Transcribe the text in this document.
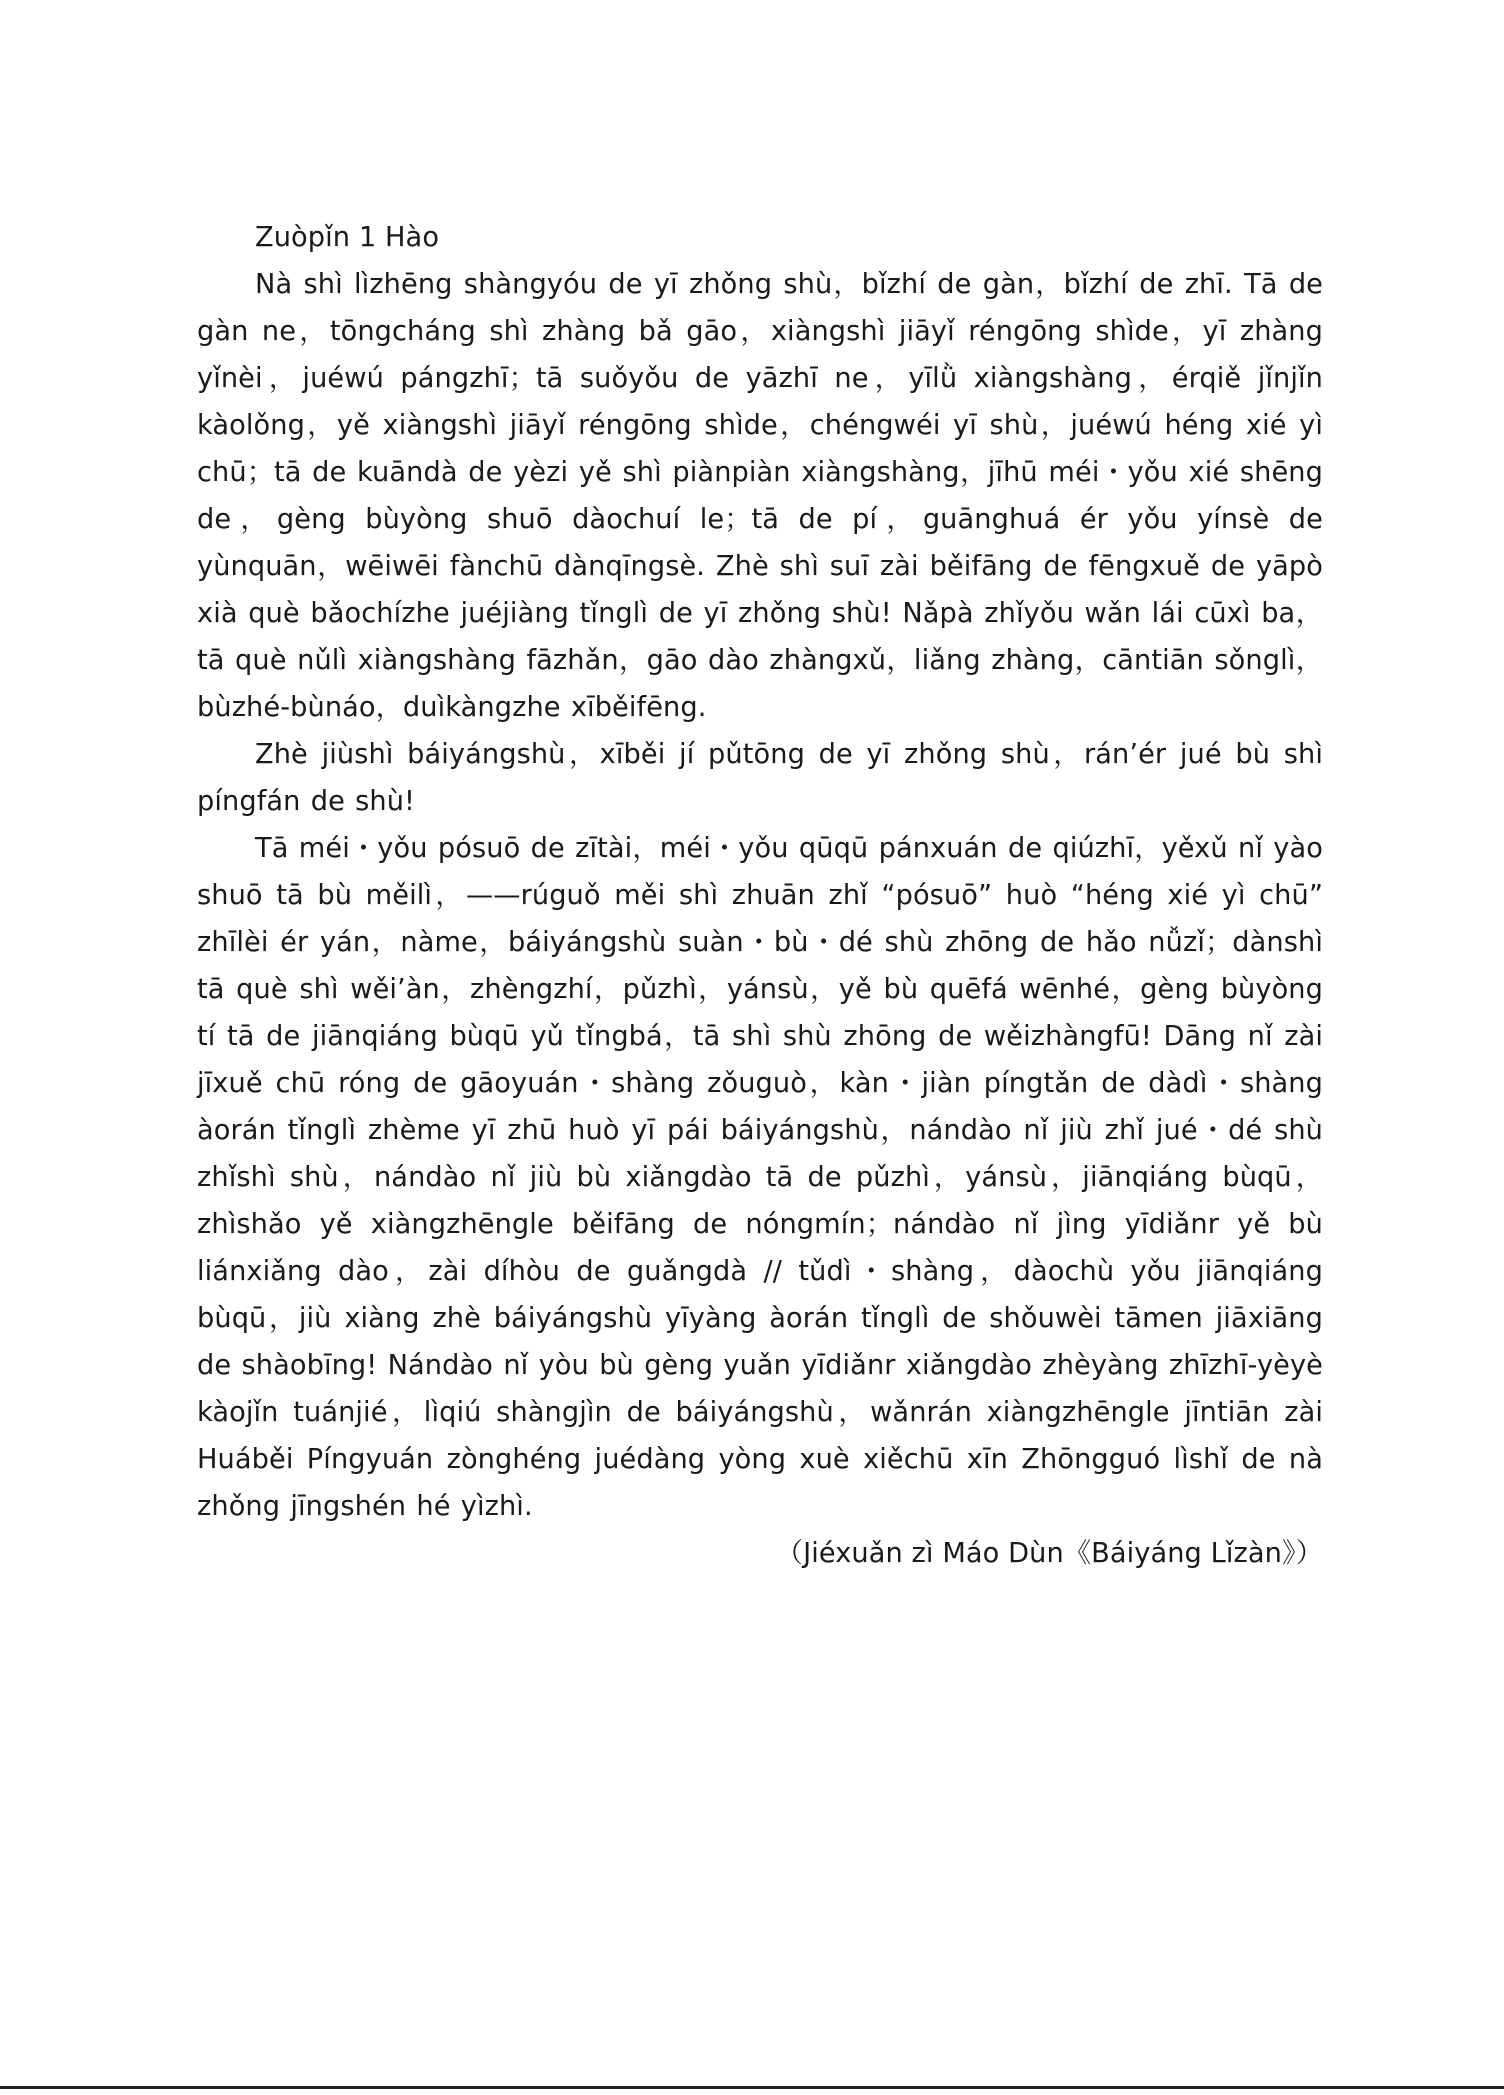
Zuòpǐn 1 Hào

Nà shì lìzhēng shàngyóu de yī zhǒng shù，bǐzhí de gàn，bǐzhí de zhī. Tā de gàn ne，tōngcháng shì zhàng bǎ gāo，xiàngshì jiāyǐ réngōng shìde，yī zhàng yǐnèi，juéwú pángzhī；tā suǒyǒu de yāzhī ne，yīlǜ xiàngshàng，érqiě jǐnjǐn kàolǒng，yě xiàngshì jiāyǐ réngōng shìde，chéngwéi yī shù，juéwú héng xié yì chū；tā de kuāndà de yèzi yě shì piànpiàn xiàngshàng，jīhū méi・yǒu xié shēng de，gèng bùyòng shuō dàochuí le；tā de pí，guānghuá ér yǒu yínsè de yùnquān，wēiwēi fànchū dànqīngsè. Zhè shì suī zài běifāng de fēngxuě de yāpò xià què bǎochízhe juéjiàng tǐnglì de yī zhǒng shù! Nǎpà zhǐyǒu wǎn lái cūxì ba，tā què nǔlì xiàngshàng fāzhǎn，gāo dào zhàngxǔ，liǎng zhàng，cāntiān sǒnglì，bùzhé-bùnáo，duìkàngzhe xīběifēng.

Zhè jiùshì báiyángshù，xīběi jí pǔtōng de yī zhǒng shù，rán’ér jué bù shì píngfán de shù!

Tā méi・yǒu pósuō de zītài，méi・yǒu qūqū pánxuán de qiúzhī，yěxǔ nǐ yào shuō tā bù měilì，——rúguǒ měi shì zhuān zhǐ “pósuō” huò “héng xié yì chū” zhīlèi ér yán，nàme，báiyángshù suàn・bù・dé shù zhōng de hǎo nǚzǐ；dànshì tā què shì wěi’àn，zhèngzhí，pǔzhì，yánsù，yě bù quēfá wēnhé，gèng bùyòng tí tā de jiānqiáng bùqū yǔ tǐngbá，tā shì shù zhōng de wěizhàngfū! Dāng nǐ zài jīxuě chū róng de gāoyuán・shàng zǒuguò，kàn・jiàn píngtǎn de dàdì・shàng àorán tǐnglì zhème yī zhū huò yī pái báiyángshù，nándào nǐ jiù zhǐ jué・dé shù zhǐshì shù，nándào nǐ jiù bù xiǎngdào tā de pǔzhì，yánsù，jiānqiáng bùqū，zhìshǎo yě xiàngzhēngle běifāng de nóngmín；nándào nǐ jìng yīdiǎnr yě bù liánxiǎng dào，zài díhòu de guǎngdà // tǔdì・shàng，dàochù yǒu jiānqiáng bùqū，jiù xiàng zhè báiyángshù yīyàng àorán tǐnglì de shǒuwèi tāmen jiāxiāng de shàobīng! Nándào nǐ yòu bù gèng yuǎn yīdiǎnr xiǎngdào zhèyàng zhīzhī-yèyè kàojǐn tuánjié，lìqiú shàngjìn de báiyángshù，wǎnrán xiàngzhēngle jīntiān zài Huáběi Píngyuán zònghéng juédàng yòng xuè xiěchū xīn Zhōngguó lìshǐ de nà zhǒng jīngshén hé yìzhì.

（Jiéxuǎn zì Máo Dùn《Báiyáng Lǐzàn》）
